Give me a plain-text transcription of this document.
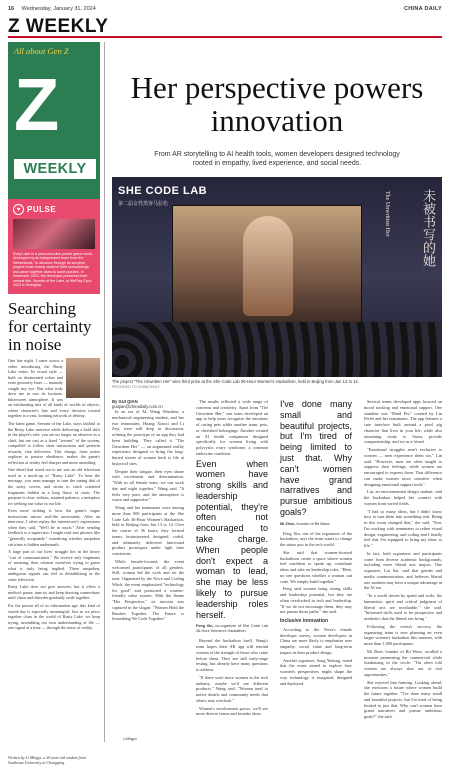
16 Wednesday, January 31, 2024	CHINA DAILY
Z WEEKLY
All about Gen Z
Z
WEEKLY
♥ PULSE
Ruby Lake is a point-and-click puzzle game world developed by an independent team from the Netherlands. To advance through its storyline, players must closely observe their surroundings and piece together clues to solve puzzles. In November 2023, the developer presented their newest title, Secrets of the Lake, at WePlay Expo 2023 in Shanghai.
Searching for certainty in noise
Li Mingyu

One late night, I came across a video introducing the Rusty Lake series. Its visual style — built on desaturated colors and eerie geometry lines — instantly caught my eye. But what truly drew me in was its footnote, bittersweet atmosphere. It was an exhilarating mix of all kinds of worlds of objects, where character's fate and every decision toward together is a vast, looming network of destiny.

The latest game, Servant of the Lake, stays faithful to the Rusty Lake universe while delivering a bold shift in the player's role: you are no longer an observer as a chief, but are cast as a fixed "servant" of the system, compelled to follow stern instructions and perform rewards, clue deliveries. This change, from active explorer to passive obedience, makes the game's reflection of reality feel sharper and more unsettling.

One detail that stood out to me was an old television used in a mock-up of "Rusty Lake". To hear the message, you must manage to turn the tuning dial of the noisy screen, and strain to catch scattered fragments hidden in a long flurry of static. The purpose is clear: tedious, strained patience, a metaphor for seeking out value in our life.

Even more striking is how the game's vague instructions mirror real-life uncertainty. After an interview, I often replay the interviewer's expressions when they said, "We'll be in touch." After sending feedback to a supervisor, I might read into phrases like "generally acceptable," wondering whether unspoken criticism is hidden underneath.

A large part of our lives' struggle lies in the heavy "cost of communication." We receive only fragments of meaning, then exhaust ourselves trying to guess what is truly being implied. These unspoken, ambiguous signals can feel as destabilizing as the static television.

Rusty Lake does not give answers, but it offers a method: pause, tune in, and keep drawing connections until chaos and disorder gradually settle together.

For the person all of us information age, this kind of stored-day is especially meaningful. Just as we piece together clues in the world of Rusty Lake, we keep trying, assembling our own understanding of life — one signal at a time — through the noise of reality.

Written by Li Mingyi, a 20-year-old student from Southeast University in Chongqing.
Her perspective powers innovation
From AR storytelling to AI health tools, women developers designed technology rooted in empathy, lived experience, and social needs.
SHE CODE LAB
第二届女性黑客马拉松	未被书写的她
The Unwritten Her
The project "The Unwritten Her" wins third prize at the She Code Lab 36-Hour Women's Hackathon, held in Beijing from Jan 13 to 14.
PROVIDED TO CHINA DAILY
By GUI QIAN
guiqian@chinadaily.com.cn

In an era of AI, Wang Wenzhen, a mechanical engineering student, and her two teammates, Huang Xiaoxi and Li Zeji, were still deep in discussion, refining the prototype of an app they had been building. They called it "The Unwritten Her" — an augmented reality experience designed to bring the long-buried stories of women back to life at historical sites.

Despite their fatigue, their eyes shone with excitement and determination. "With us all female team, we can work day and night together," Wang said. "It feels very pure, and the atmosphere is warm and supportive."

Wang and her teammates were among more than 900 participants at the She Code Lab 36-Hour Women's Hackathon, held in Beijing from Jan 13 to 14. Over the course of 36 hours, they formed teams, brainstormed, designed, coded, and ultimately delivered functional product prototypes under tight time constraints.

While female-focused, the event welcomed participants of all genders. Still, women led the work and set the tone. Organized by the Nova and Coding Witch, the event emphasized "technology for good" and promoted a women-friendly value system. With the theme "Her Perspective," its mission was captured in the slogan: "Women Hold the Brushes Together. The Future is Something We Code Together."

The results reflected a wide range of concerns and creativity. Apart from "The Unwritten Her," one team developed an app to help users recognize the emotions of caring pets while another team, pets, or cherished belongings. Another created an AI health companion designed specifically for women living with polycystic ovary syndrome, a common endocrine condition.

Even when women have strong skills and leadership potential, they're often not encouraged to take charge. When people don't expect a woman to lead, she may be less likely to pursue leadership roles herself.
Feng Xin, co-organizer of She Code Lab 36-Hour Women's Hackathon

Beyond the hackathon itself, Wang's team hopes their AR app will remind women of the strength of those who came before them. They are still early-stage testing, but already have many questions to address.

"If there were more women in the tech industry, maybe we'd see different products," Wang said. "Women tend to notice details and community needs that others may overlook."

Women's involvement grows, we'll see more diverse teams and broader ideas.

I've done many small and beautiful projects, but I'm tired of being limited to just that. Why can't women have grand narratives and pursue ambitious goals?
Mi Zhen, founder of Bit Wave

Feng Xin, one of the organizers of the hackathon, says the team wants to change the status quo in the tech world.

She said that women-focused hackathons create a space where women feel confident to speak up, contribute ideas and take on leadership roles. "Here, no one questions whether a woman can code. We simply build together."

Feng said women bring strong skills and leadership potential, but they are often overlooked in tech and leadership. "If we do not encourage them, they may not pursue those paths," she said.

Inclusive innovation

According to the Nova's female developer survey, women developers in China are more likely to emphasize user empathy, social value and long-term impact in their product design.

Another organizer, Song Yuhong, noted that the event aimed to explore how women's perspectives might shape the way technology is imagined, designed and deployed.

Several teams developed apps focused on mood tracking and emotional support. One standout was "Mind Pet," created by Lin Feifei and her teammates. The app features a cute interface built around a pixel pig character that lives in your life, while also remaining ready to listen, provide companionship, and act as a friend.

"Emotional struggles aren't exclusive to women — men experience them too," Lin said. "However, men are often taught to suppress their feelings, while women are encouraged to express them. That difference can make women more sensitive when designing emotional support tools."

Lin, an environmental design student, said the hackathon helped her connect with women from varied fields.

"I had so many ideas, but I didn't know how to turn them into something real. Being in this room changed that," she said. "Now I'm working with teammates to refine visual design, engineering, and coding and I finally feel that I'm equipped to bring my ideas to life."

In fact, both organizers and participants come from diverse academic backgrounds, including more liberal arts majors. One organizer, Liu Sai, said that gender and media communication, and believes liberal arts students may have a unique advantage in the AI era.

"In a world driven by speed and scale, the humanistic spirit and critical judgment of liberal arts are invaluable," she said. "Informed skills used to be perspective and aesthetics that the liberal arts bring."

Following the event's success, the organizing team is now planning an even larger women's hackathon this summer, with more than 1,000 participants.

Mi Zhen, founder of Bit Wave, recalled a moment permeating the commercial while fundraising in the circle: "I'm often told women are always shut out of real opportunities."

She rejected that framing. Looking ahead, she envisions a future where women build the future together. "I've done many small and beautiful projects, but I'm tired of being limited to just that. Why can't women have grand narratives and pursue ambitious goals?" she said.
